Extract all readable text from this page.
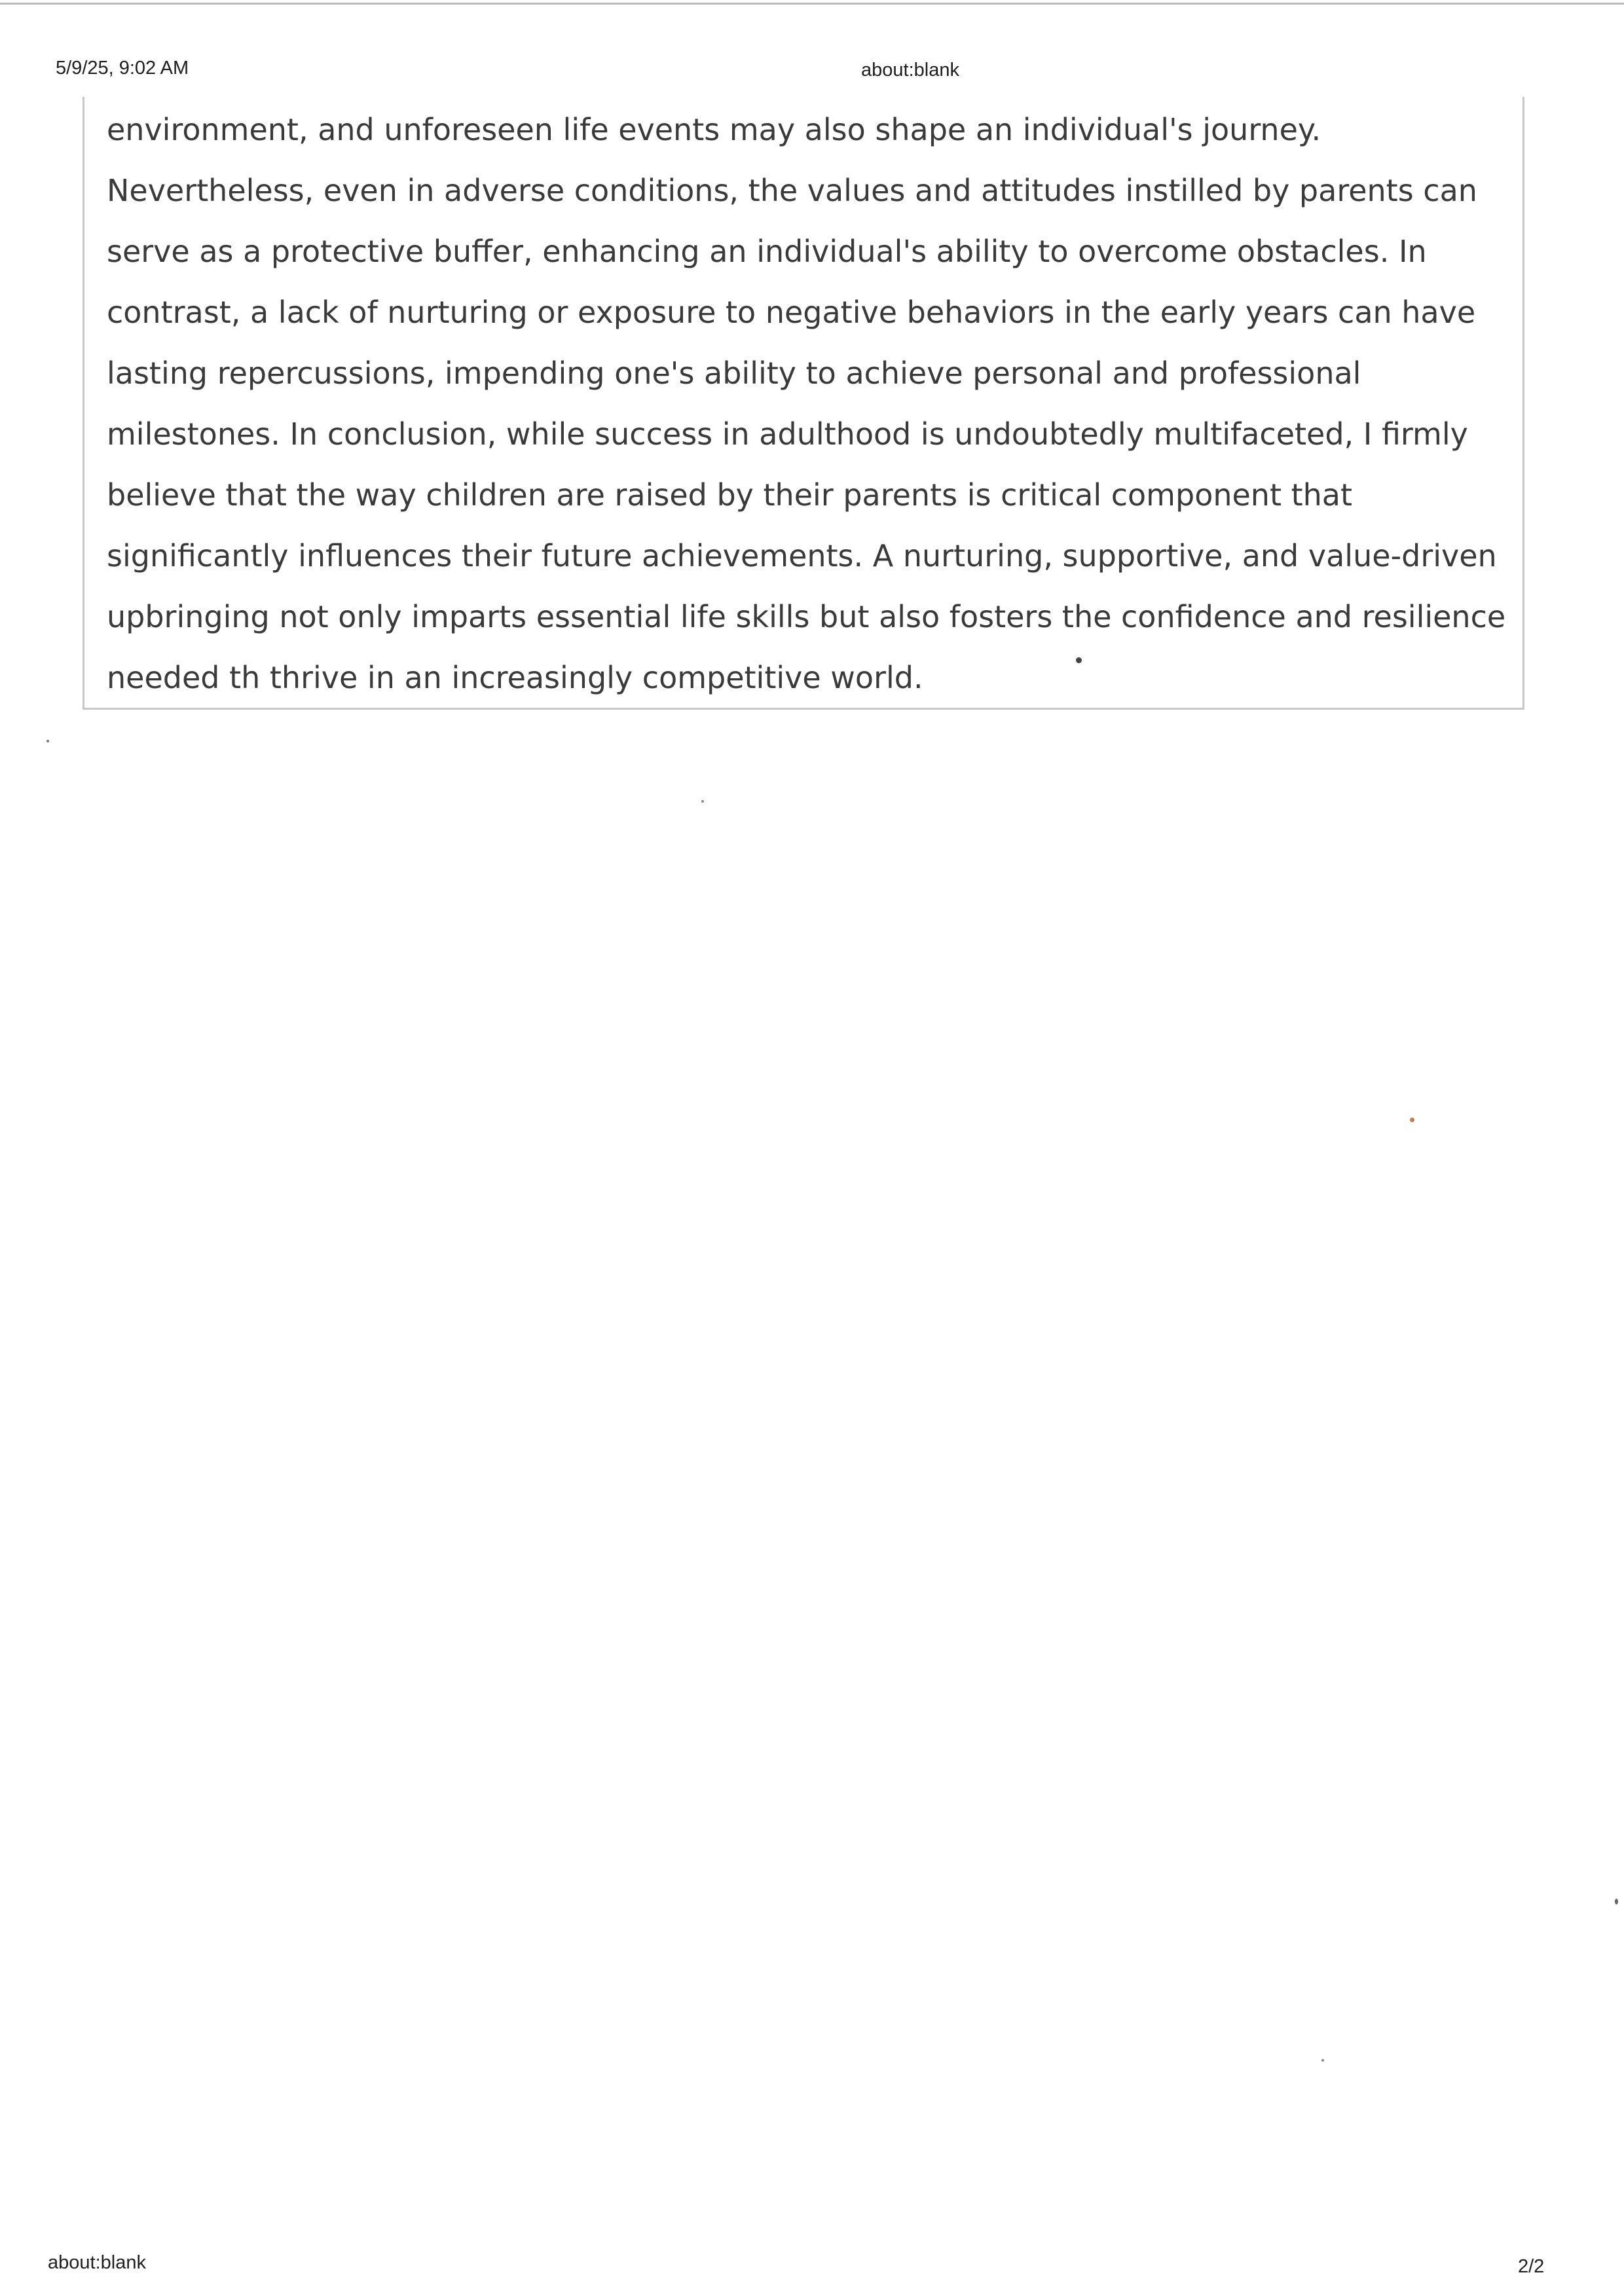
5/9/25, 9:02 AM	about:blank
environment, and unforeseen life events may also shape an individual's journey.
Nevertheless, even in adverse conditions, the values and attitudes instilled by parents can
serve as a protective buffer, enhancing an individual's ability to overcome obstacles. In
contrast, a lack of nurturing or exposure to negative behaviors in the early years can have
lasting repercussions, impending one's ability to achieve personal and professional
milestones. In conclusion, while success in adulthood is undoubtedly multifaceted, I firmly
believe that the way children are raised by their parents is critical component that
significantly influences their future achievements. A nurturing, supportive, and value-driven
upbringing not only imparts essential life skills but also fosters the confidence and resilience
needed th thrive in an increasingly competitive world.
about:blank	2/2
